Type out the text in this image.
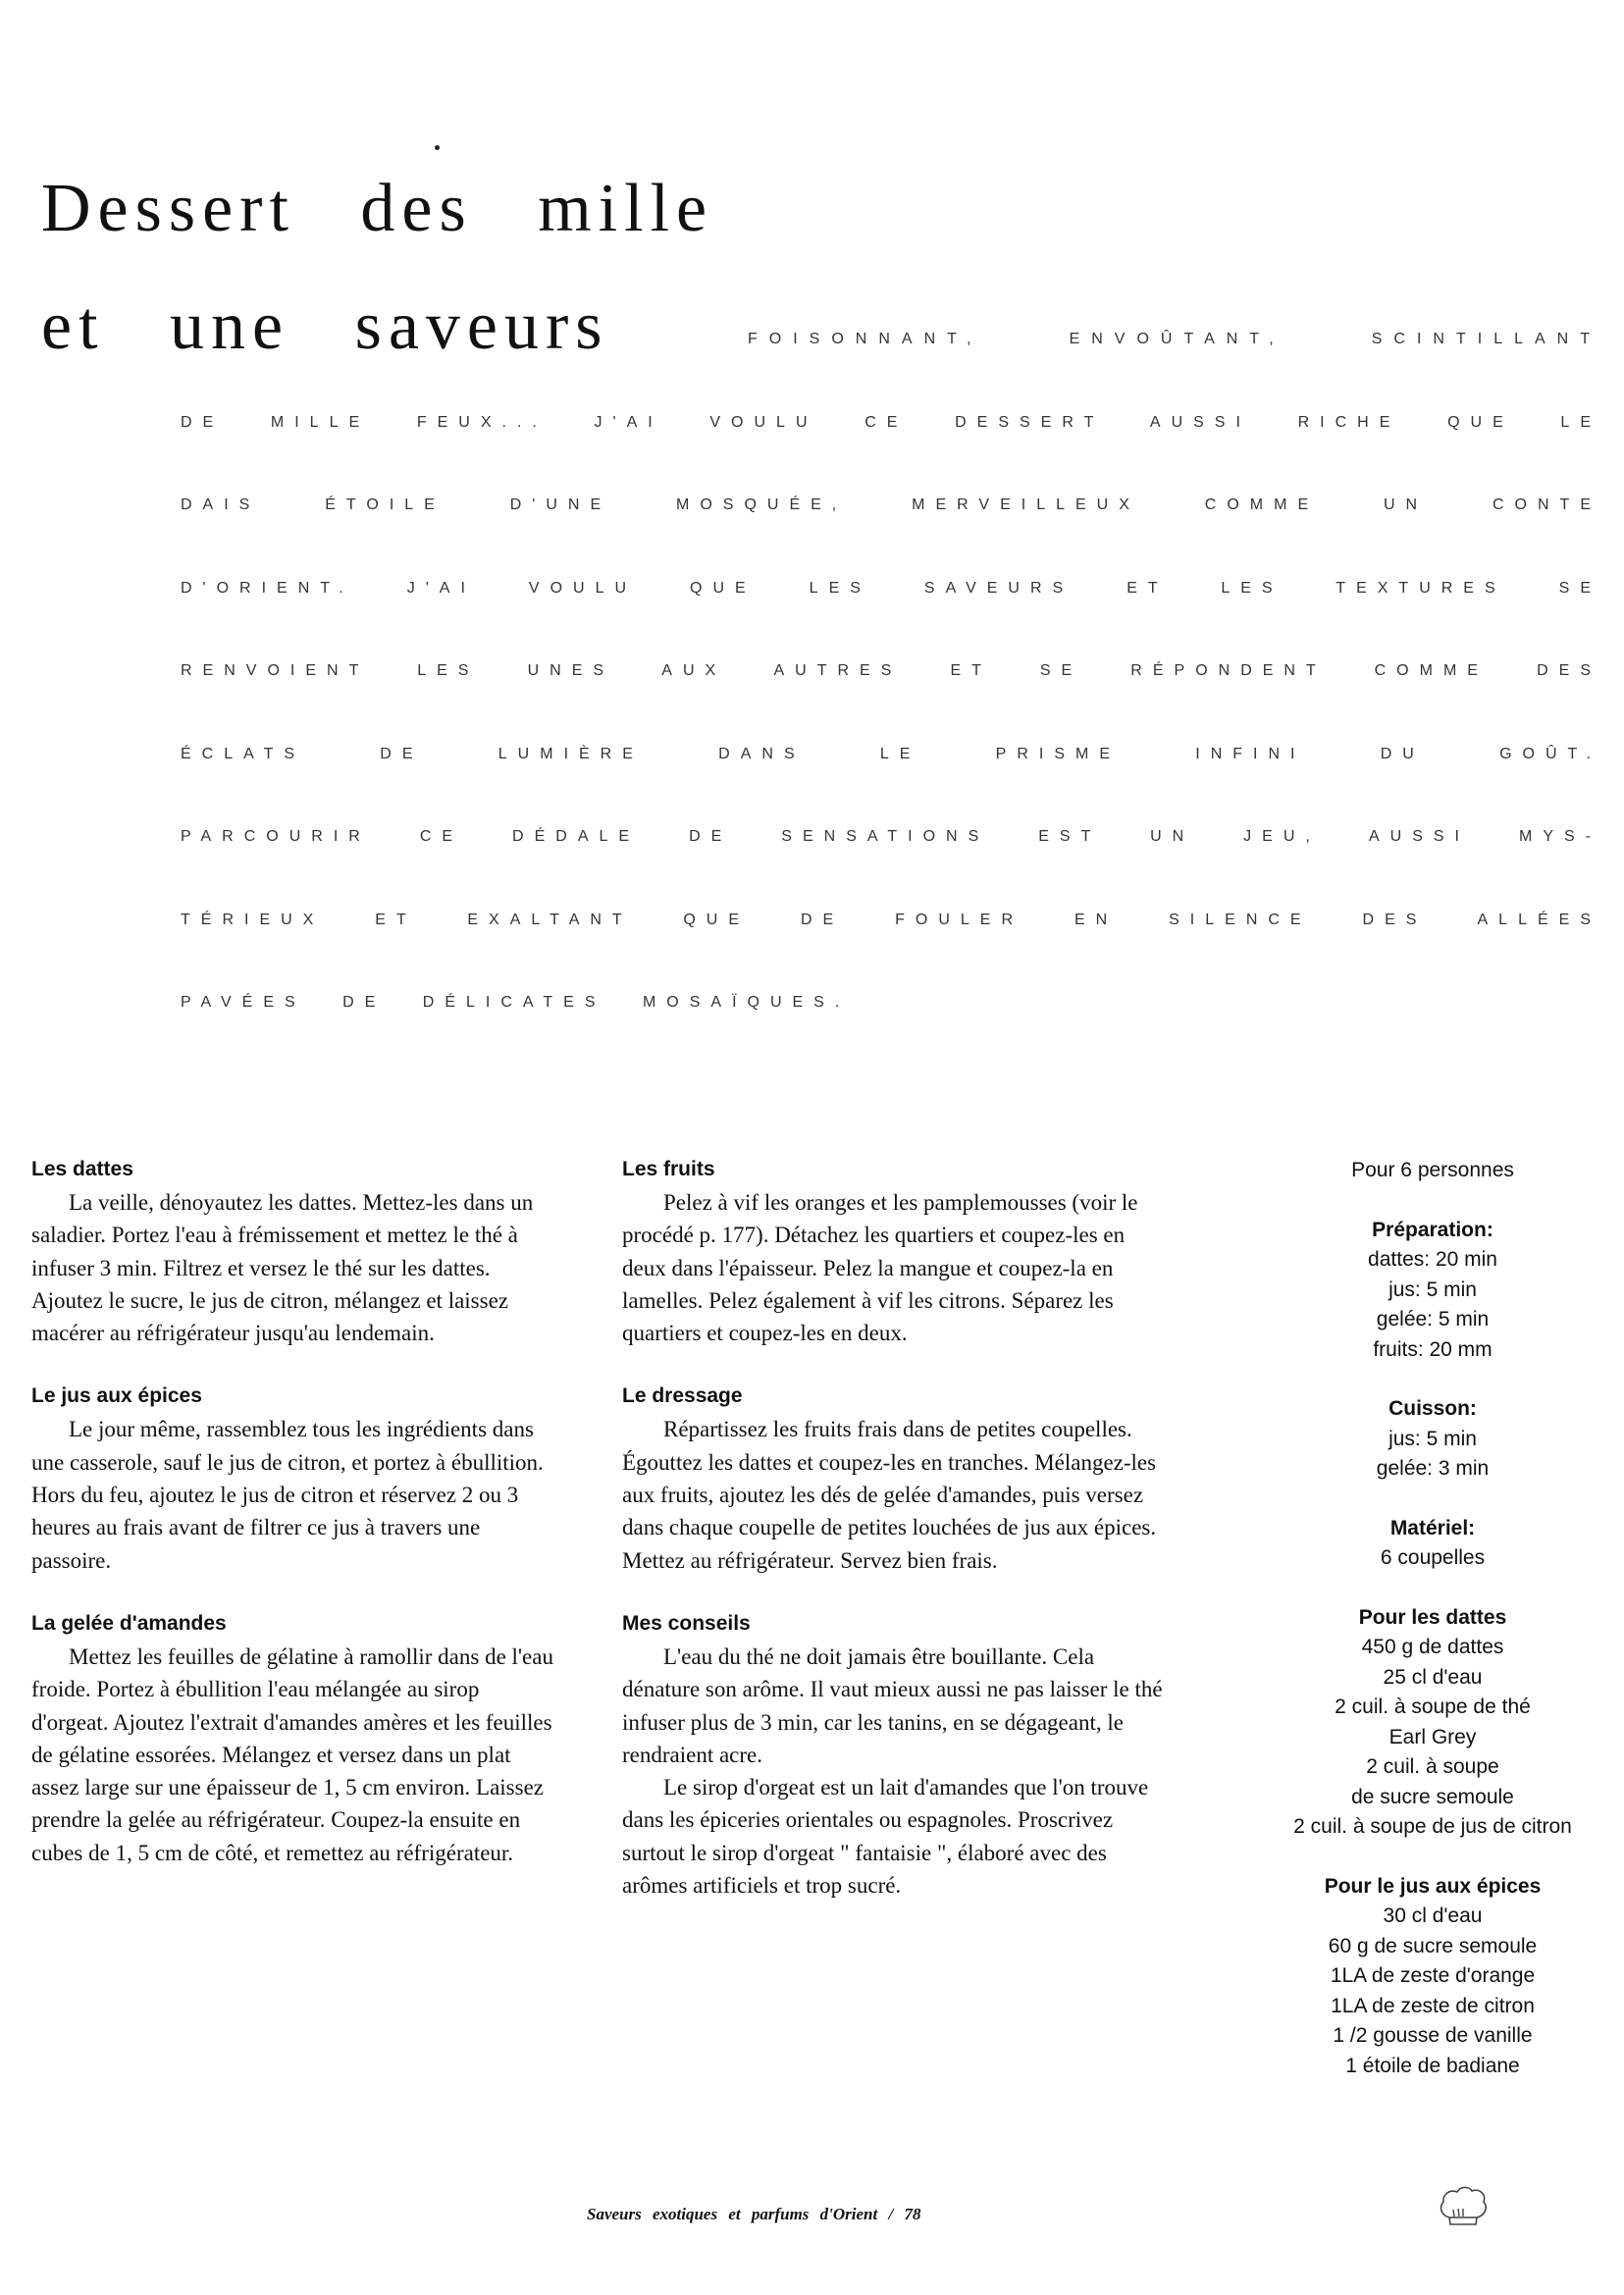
Dessert des mille
et une saveurs	FOISONNANT,	ENVOÛTANT,	SCINTILLANT
DE MILLE FEUX... J'AI VOULU CE DESSERT AUSSI RICHE QUE LE
DAIS ÉTOILE D'UNE MOSQUÉE, MERVEILLEUX COMME UN CONTE
D'ORIENT. J'AI VOULU QUE LES SAVEURS ET LES TEXTURES SE
RENVOIENT LES UNES AUX AUTRES ET SE RÉPONDENT COMME DES
ÉCLATS DE LUMIÈRE DANS LE PRISME INFINI DU GOÛT.
PARCOURIR CE DÉDALE DE SENSATIONS EST UN JEU, AUSSI MYS-
TÉRIEUX ET EXALTANT QUE DE FOULER EN SILENCE DES ALLÉES
PAVÉES DE DÉLICATES MOSAÏQUES.
Les dattes

La veille, dénoyautez les dattes. Mettez-les dans un saladier. Portez l'eau à frémissement et mettez le thé à infuser 3 min. Filtrez et versez le thé sur les dattes. Ajoutez le sucre, le jus de citron, mélangez et laissez macérer au réfrigérateur jusqu'au lendemain.

Le jus aux épices

Le jour même, rassemblez tous les ingrédients dans une casserole, sauf le jus de citron, et portez à ébullition. Hors du feu, ajoutez le jus de citron et réservez 2 ou 3 heures au frais avant de filtrer ce jus à travers une passoire.

La gelée d'amandes

Mettez les feuilles de gélatine à ramollir dans de l'eau froide. Portez à ébullition l'eau mélangée au sirop d'orgeat. Ajoutez l'extrait d'amandes amères et les feuilles de gélatine essorées. Mélangez et versez dans un plat assez large sur une épaisseur de 1, 5 cm environ. Laissez prendre la gelée au réfrigérateur. Coupez-la ensuite en cubes de 1, 5 cm de côté, et remettez au réfrigérateur.

Les fruits

Pelez à vif les oranges et les pamplemousses (voir le procédé p. 177). Détachez les quartiers et coupez-les en deux dans l'épaisseur. Pelez la mangue et coupez-la en lamelles. Pelez également à vif les citrons. Séparez les quartiers et coupez-les en deux.

Le dressage

Répartissez les fruits frais dans de petites coupelles. Égouttez les dattes et coupez-les en tranches. Mélangez-les aux fruits, ajoutez les dés de gelée d'amandes, puis versez dans chaque coupelle de petites louchées de jus aux épices. Mettez au réfrigérateur. Servez bien frais.

Mes conseils

L'eau du thé ne doit jamais être bouillante. Cela dénature son arôme. Il vaut mieux aussi ne pas laisser le thé infuser plus de 3 min, car les tanins, en se dégageant, le rendraient acre.

Le sirop d'orgeat est un lait d'amandes que l'on trouve dans les épiceries orientales ou espagnoles. Proscrivez surtout le sirop d'orgeat " fantaisie ", élaboré avec des arômes artificiels et trop sucré.

Pour 6 personnes
Préparation:
dattes: 20 min
jus: 5 min
gelée: 5 min
fruits: 20 mm
Cuisson:
jus: 5 min
gelée: 3 min
Matériel:
6 coupelles
Pour les dattes
450 g de dattes
25 cl d'eau
2 cuil. à soupe de thé
Earl Grey
2 cuil. à soupe
de sucre semoule
2 cuil. à soupe de jus de citron
Pour le jus aux épices
30 cl d'eau
60 g de sucre semoule
1LA de zeste d'orange
1LA de zeste de citron
1 /2 gousse de vanille
1 étoile de badiane
Saveurs exotiques et parfums d'Orient / 78
